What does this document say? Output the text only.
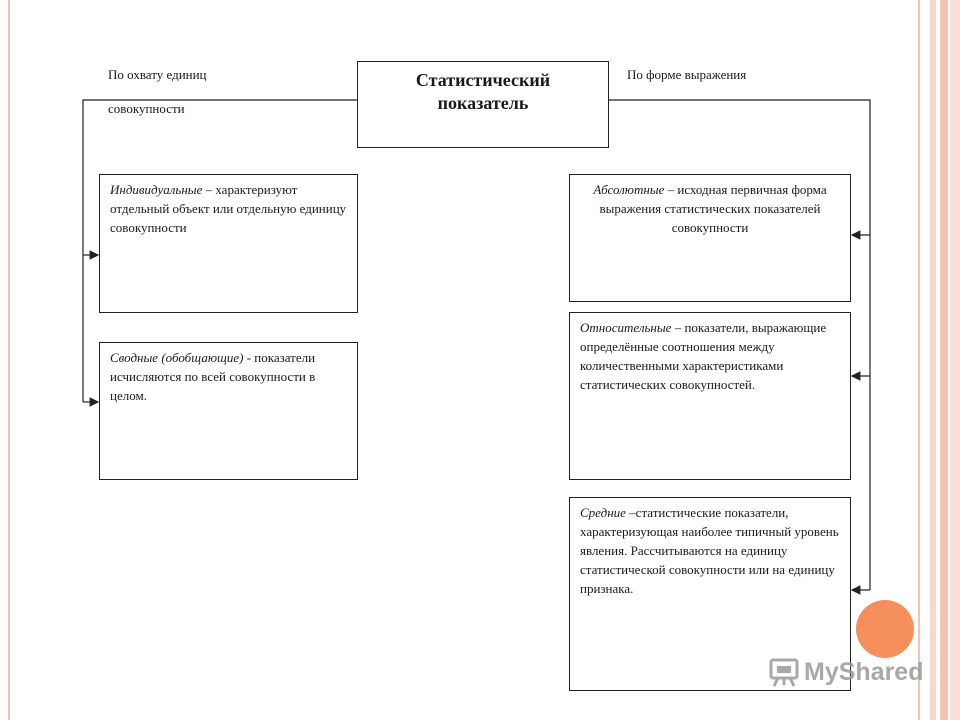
Статистический
показатель
По охвату единиц
совокупности
По форме выражения
Индивидуальные – характеризуют отдельный объект или отдельную единицу совокупности
Сводные (обобщающие) - показатели исчисляются по всей совокупности в целом.
Абсолютные – исходная первичная форма выражения статистических показателей совокупности
Относительные – показатели, выражающие определённые соотношения между количественными характеристиками статистических совокупностей.
Средние –статистические показатели, характеризующая наиболее типичный уровень явления. Рассчитываются на единицу статистической совокупности или на единицу признака.
MyShared
